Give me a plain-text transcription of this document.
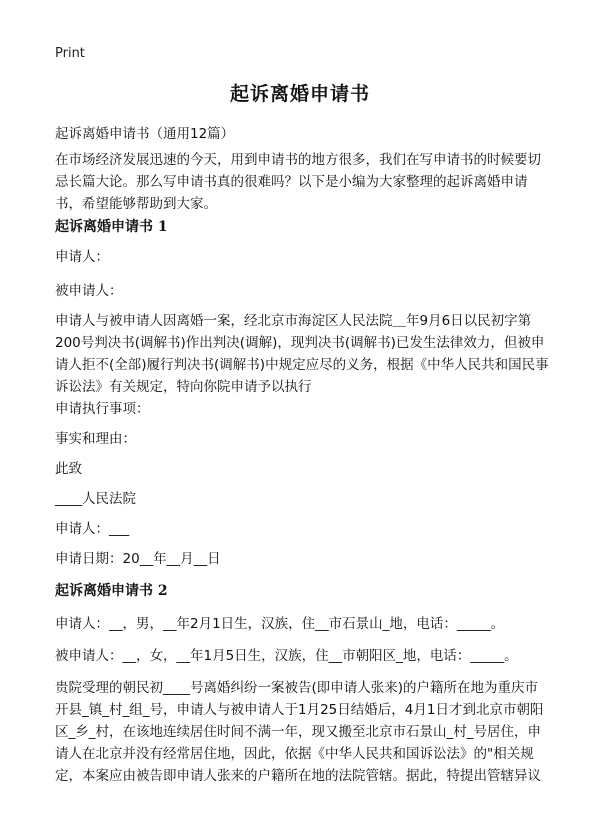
Print
起诉离婚申请书
起诉离婚申请书（通用12篇）
在市场经济发展迅速的今天，用到申请书的地方很多，我们在写申请书的时候要切忌长篇大论。那么写申请书真的很难吗？以下是小编为大家整理的起诉离婚申请书，希望能够帮助到大家。
起诉离婚申请书 1
申请人：
被申请人：
申请人与被申请人因离婚一案，经北京市海淀区人民法院＿年9月6日以民初字第200号判决书(调解书)作出判决(调解)，现判决书(调解书)已发生法律效力，但被申请人拒不(全部)履行判决书(调解书)中规定应尽的义务，根据《中华人民共和国民事诉讼法》有关规定，特向你院申请予以执行
申请执行事项：
事实和理由：
此致
____人民法院
申请人：___
申请日期：20__年__月__日
起诉离婚申请书 2
申请人：__，男，__年2月1日生，汉族，住__市石景山_地，电话：_____。
被申请人：__，女，__年1月5日生，汉族，住__市朝阳区_地，电话：_____。
贵院受理的朝民初____号离婚纠纷一案被告(即申请人张来)的户籍所在地为重庆市开县_镇_村_组_号，申请人与被申请人于1月25日结婚后，4月1日才到北京市朝阳区_乡_村，在该地连续居住时间不满一年，现又搬至北京市石景山_村_号居住，申请人在北京并没有经常居住地，因此，依据《中华人民共和国诉讼法》的"相关规定，本案应由被告即申请人张来的户籍所在地的法院管辖。据此，特提出管辖异议
